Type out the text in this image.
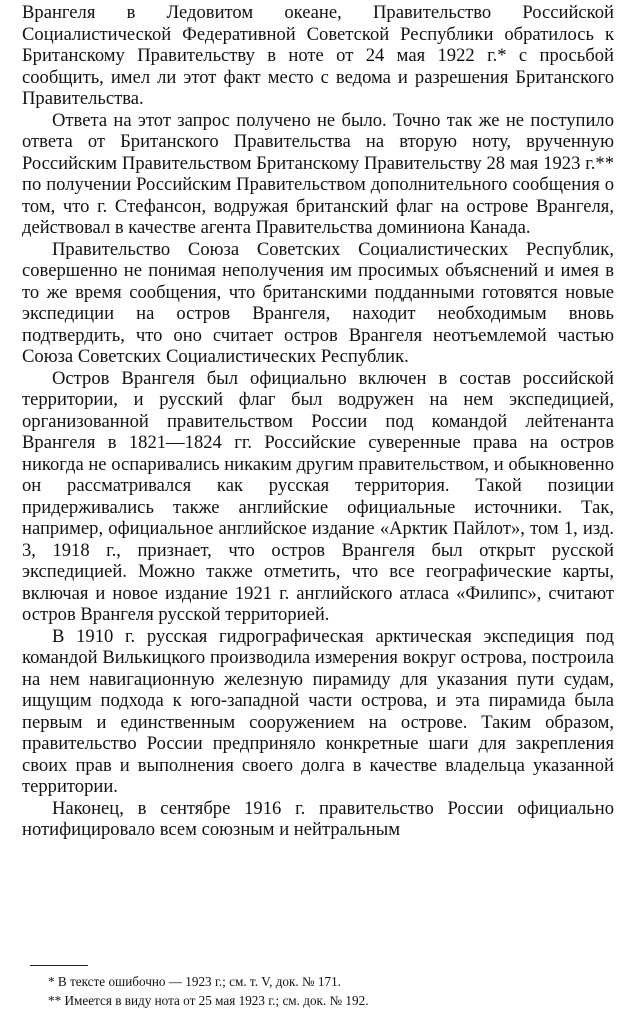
Врангеля в Ледовитом океане, Правительство Российской Социалистической Федеративной Советской Республики обратилось к Британскому Правительству в ноте от 24 мая 1922 г.* с просьбой сообщить, имел ли этот факт место с ведома и разрешения Британского Правительства.

Ответа на этот запрос получено не было. Точно так же не поступило ответа от Британского Правительства на вторую ноту, врученную Российским Правительством Британскому Правительству 28 мая 1923 г.** по получении Российским Правительством дополнительного сообщения о том, что г. Стефансон, водружая британский флаг на острове Врангеля, действовал в качестве агента Правительства доминиона Канада.

Правительство Союза Советских Социалистических Республик, совершенно не понимая неполучения им просимых объяснений и имея в то же время сообщения, что британскими подданными готовятся новые экспедиции на остров Врангеля, находит необходимым вновь подтвердить, что оно считает остров Врангеля неотъемлемой частью Союза Советских Социалистических Республик.

Остров Врангеля был официально включен в состав российской территории, и русский флаг был водружен на нем экспедицией, организованной правительством России под командой лейтенанта Врангеля в 1821—1824 гг. Российские суверенные права на остров никогда не оспаривались никаким другим правительством, и обыкновенно он рассматривался как русская территория. Такой позиции придерживались также английские официальные источники. Так, например, официальное английское издание «Арктик Пайлот», том 1, изд. 3, 1918 г., признает, что остров Врангеля был открыт русской экспедицией. Можно также отметить, что все географические карты, включая и новое издание 1921 г. английского атласа «Филипс», считают остров Врангеля русской территорией.

В 1910 г. русская гидрографическая арктическая экспедиция под командой Вилькицкого производила измерения вокруг острова, построила на нем навигационную железную пирамиду для указания пути судам, ищущим подхода к юго-западной части острова, и эта пирамида была первым и единственным сооружением на острове. Таким образом, правительство России предприняло конкретные шаги для закрепления своих прав и выполнения своего долга в качестве владельца указанной территории.

Наконец, в сентябре 1916 г. правительство России официально нотифицировало всем союзным и нейтральным

* В тексте ошибочно — 1923 г.; см. т. V, док. № 171.
** Имеется в виду нота от 25 мая 1923 г.; см. док. № 192.
